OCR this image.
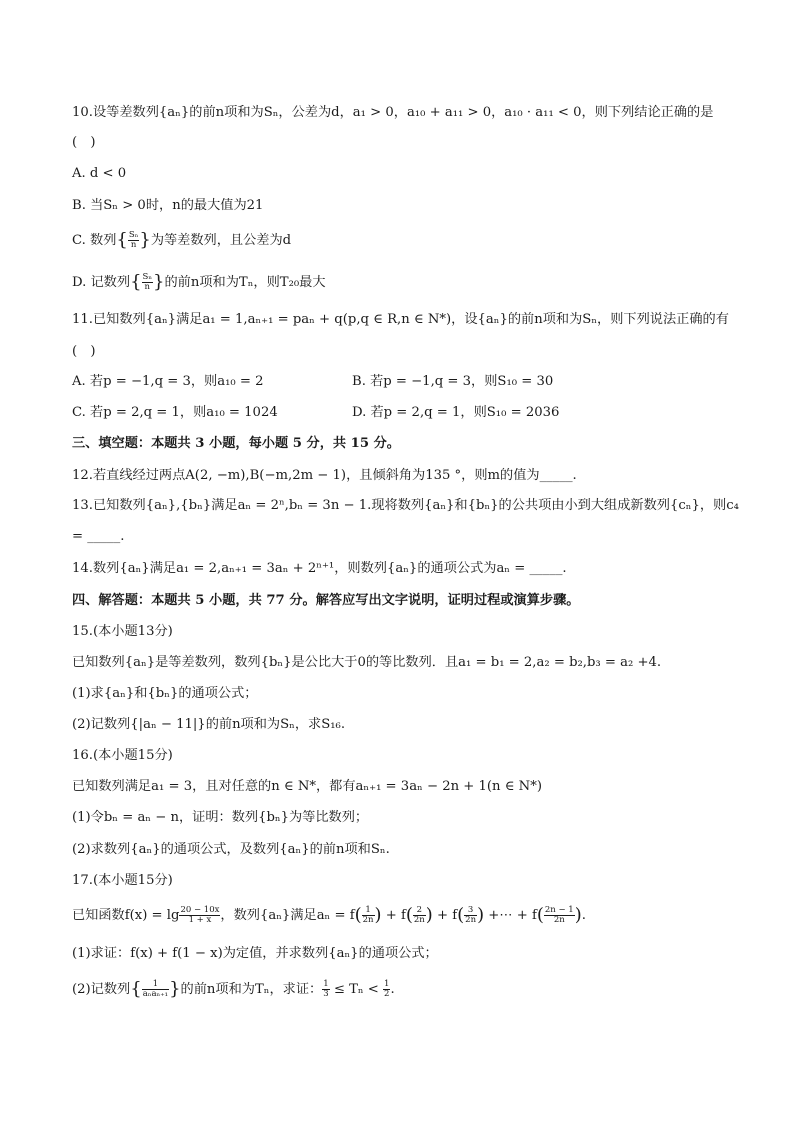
10.设等差数列{aₙ}的前n项和为Sₙ，公差为d，a₁ > 0，a₁₀ + a₁₁ > 0，a₁₀ · a₁₁ < 0，则下列结论正确的是
(　)
A. d < 0
B. 当Sₙ > 0时，n的最大值为21
C. 数列{ $\frac{\text{Sₙ}}{n}$ }为等差数列，且公差为d
D. 记数列{ $\frac{\text{Sₙ}}{n}$ }的前n项和为Tₙ，则T₂₀最大
11.已知数列{aₙ}满足a₁ = 1,aₙ₊₁ = paₙ + q(p,q ∈ R,n ∈ N*)，设{aₙ}的前n项和为Sₙ，则下列说法正确的有
(　)
A. 若p = −1,q = 3，则a₁₀ = 2	B. 若p = −1,q = 3，则S₁₀ = 30
C. 若p = 2,q = 1，则a₁₀ = 1024	D. 若p = 2,q = 1，则S₁₀ = 2036
三、填空题：本题共 3 小题，每小题 5 分，共 15 分。
12.若直线经过两点A(2, −m),B(−m,2m − 1)，且倾斜角为135 °，则m的值为_____.
13.已知数列{aₙ},{bₙ}满足aₙ = 2ⁿ,bₙ = 3n − 1.现将数列{aₙ}和{bₙ}的公共项由小到大组成新数列{cₙ}，则c₄
= _____.
14.数列{aₙ}满足a₁ = 2,aₙ₊₁ = 3aₙ + 2ⁿ⁺¹，则数列{aₙ}的通项公式为aₙ = _____.
四、解答题：本题共 5 小题，共 77 分。解答应写出文字说明，证明过程或演算步骤。
15.(本小题13分)
已知数列{aₙ}是等差数列，数列{bₙ}是公比大于0的等比数列．且a₁ = b₁ = 2,a₂ = b₂,b₃ = a₂ +4.
(1)求{aₙ}和{bₙ}的通项公式；
(2)记数列{|aₙ − 11|}的前n项和为Sₙ，求S₁₆.
16.(本小题15分)
已知数列满足a₁ = 3，且对任意的n ∈ N*，都有aₙ₊₁ = 3aₙ − 2n + 1(n ∈ N*)
(1)令bₙ = aₙ − n，证明：数列{bₙ}为等比数列；
(2)求数列{aₙ}的通项公式，及数列{aₙ}的前n项和Sₙ.
17.(本小题15分)
已知函数$f(x) = \lg \frac{20 - 10x}{1 + x}$ ，数列{aₙ}满足$a_n = f( \frac{1}{2n}$ ) + $f( \frac{2}{2n}$ ) + $f( \frac{3}{2n}$ ) +⋯ + $f( \frac{2n - 1}{2n}$ ).
(1)求证：f(x) + f(1 − x)为定值，并求数列{aₙ}的通项公式；
(2)记数列{ $\frac{1}{\text{aₙaₙ₊₁}}$ }的前n项和为Tₙ，求证： $\frac{1}{3} \le T_n < \frac{1}{2}$ .
